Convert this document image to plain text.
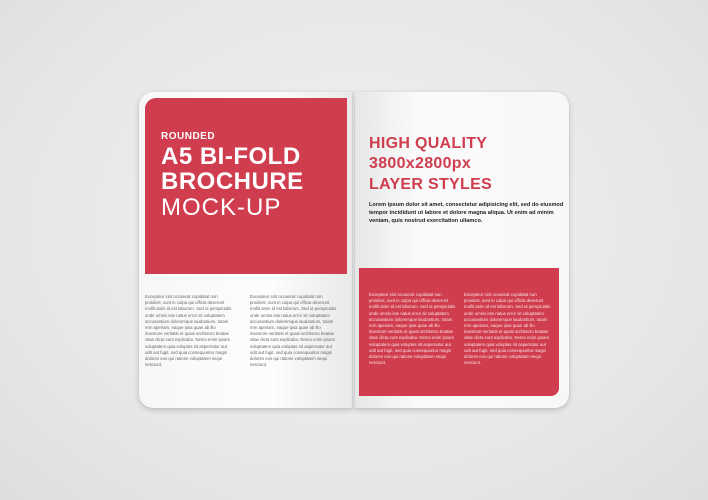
ROUNDED
A5 BI-FOLD
BROCHURE
MOCK-UP
Excepteur sint occaecat cupidatat non proident, sunt in culpa qui officia deserunt mollit anim id est laborum. Sed ut perspiciatis unde omnis iste natus error sit voluptatem accusantium doloremque laudantium, totam rem aperiam, eaque ipsa quae ab illo inventore veritatis et quasi architecto beatae vitae dicta sunt explicabo. Nemo enim ipsam voluptatem quia voluptas sit aspernatur aut odit aut fugit, sed quia consequuntur magni dolores eos qui ratione voluptatem sequi nesciunt.
Excepteur sint occaecat cupidatat non proident, sunt in culpa qui officia deserunt mollit anim id est laborum. Sed ut perspiciatis unde omnis iste natus error sit voluptatem accusantium doloremque laudantium, totam rem aperiam, eaque ipsa quae ab illo inventore veritatis et quasi architecto beatae vitae dicta sunt explicabo. Nemo enim ipsam voluptatem quia voluptas sit aspernatur aut odit aut fugit, sed quia consequuntur magni dolores eos qui ratione voluptatem sequi nesciunt.
HIGH QUALITY
3800x2800px
LAYER STYLES
Lorem ipsum dolor sit amet, consectetur adipisicing elit, sed do eiusmod tempor incididunt ut labore et dolore magna aliqua. Ut enim ad minim veniam, quis nostrud exercitation ullamco.
Excepteur sint occaecat cupidatat non proident, sunt in culpa qui officia deserunt mollit anim id est laborum. Sed ut perspiciatis unde omnis iste natus error sit voluptatem accusantium doloremque laudantium, totam rem aperiam, eaque ipsa quae ab illo inventore veritatis et quasi architecto beatae vitae dicta sunt explicabo. Nemo enim ipsam voluptatem quia voluptas sit aspernatur aut odit aut fugit, sed quia consequuntur magni dolores eos qui ratione voluptatem sequi nesciunt.
Excepteur sint occaecat cupidatat non proident, sunt in culpa qui officia deserunt mollit anim id est laborum. Sed ut perspiciatis unde omnis iste natus error sit voluptatem accusantium doloremque laudantium, totam rem aperiam, eaque ipsa quae ab illo inventore veritatis et quasi architecto beatae vitae dicta sunt explicabo. Nemo enim ipsam voluptatem quia voluptas sit aspernatur aut odit aut fugit, sed quia consequuntur magni dolores eos qui ratione voluptatem sequi nesciunt.
